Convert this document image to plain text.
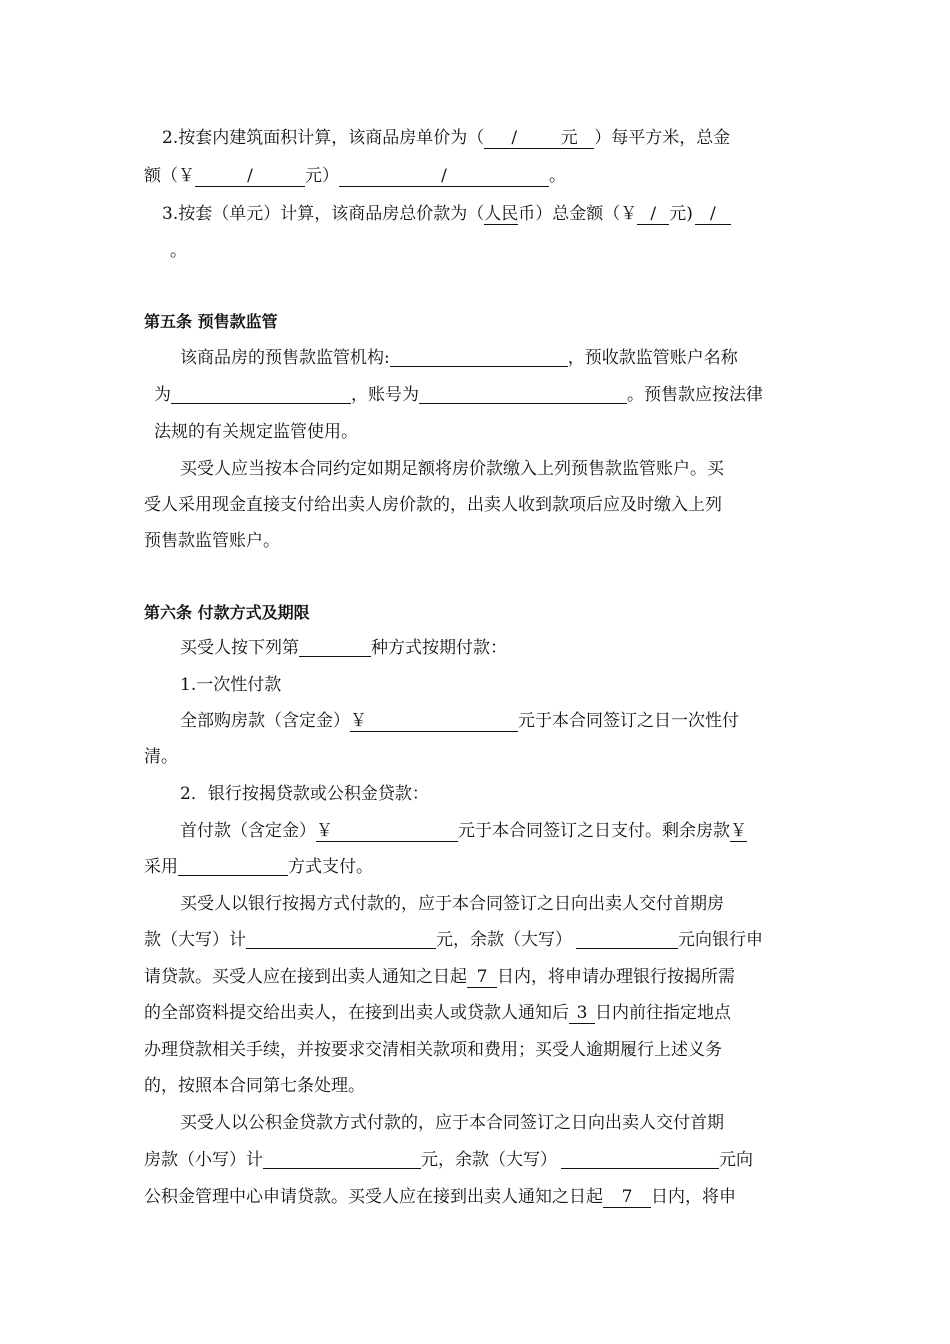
2.按套内建筑面积计算，该商品房单价为（ /	元 ）每平方米，总金
额（￥	/	元）	/	。
3.按套（单元）计算，该商品房总价款为（人民币）总金额（￥ / 元) /
。
第五条 预售款监管
该商品房的预售款监管机构:	，预收款监管账户名称
为	，账号为	。预售款应按法律
法规的有关规定监管使用。
买受人应当按本合同约定如期足额将房价款缴入上列预售款监管账户。买
受人采用现金直接支付给出卖人房价款的，出卖人收到款项后应及时缴入上列
预售款监管账户。
第六条 付款方式及期限
买受人按下列第	种方式按期付款：
1.一次性付款
全部购房款（含定金）￥	元于本合同签订之日一次性付
清。
2．银行按揭贷款或公积金贷款：
首付款（含定金）￥	元于本合同签订之日支付。剩余房款￥
采用	方式支付。
买受人以银行按揭方式付款的，应于本合同签订之日向出卖人交付首期房
款（大写）计	元，余款（大写）	元向银行申
请贷款。买受人应在接到出卖人通知之日起 7 日内，将申请办理银行按揭所需
的全部资料提交给出卖人，在接到出卖人或贷款人通知后 3 日内前往指定地点
办理贷款相关手续，并按要求交清相关款项和费用；买受人逾期履行上述义务
的，按照本合同第七条处理。
买受人以公积金贷款方式付款的，应于本合同签订之日向出卖人交付首期
房款（小写）计	元，余款（大写）	元向
公积金管理中心申请贷款。买受人应在接到出卖人通知之日起 7 日内，将申
